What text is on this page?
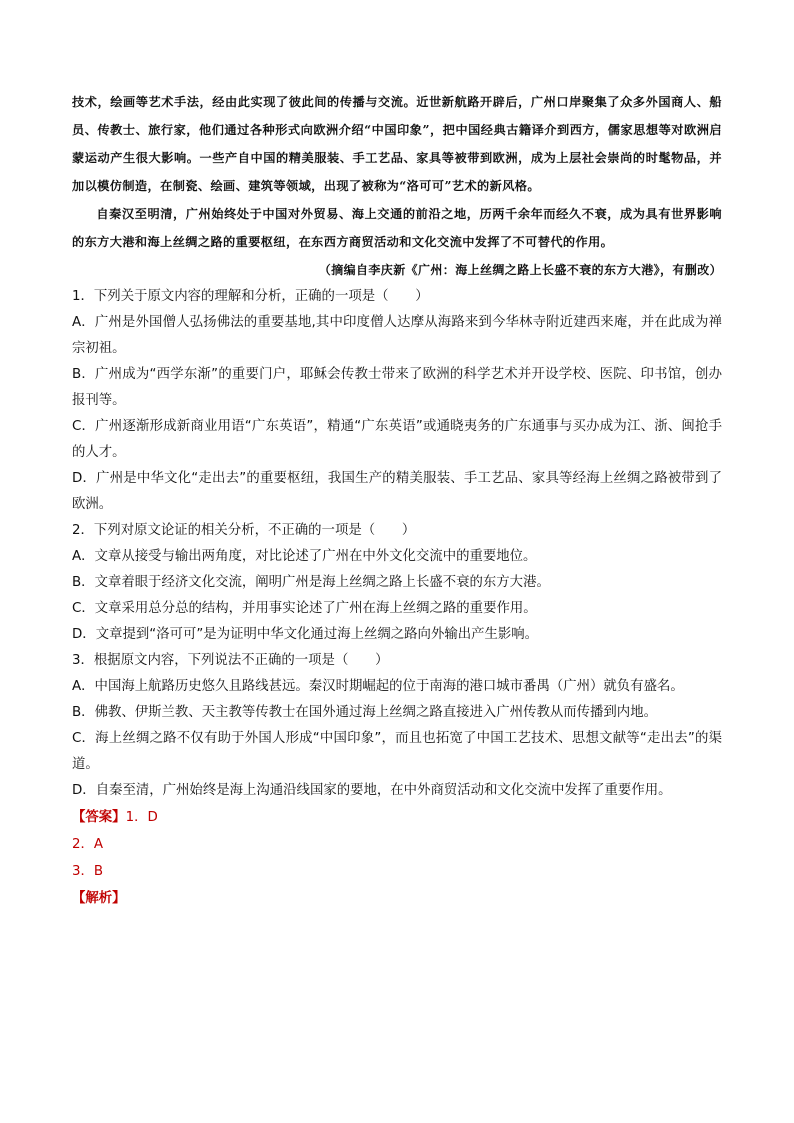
技术，绘画等艺术手法，经由此实现了彼此间的传播与交流。近世新航路开辟后，广州口岸聚集了众多外国商人、船员、传教士、旅行家，他们通过各种形式向欧洲介绍“中国印象”，把中国经典古籍译介到西方，儒家思想等对欧洲启蒙运动产生很大影响。一些产自中国的精美服装、手工艺品、家具等被带到欧洲，成为上层社会崇尚的时髦物品，并加以模仿制造，在制瓷、绘画、建筑等领域，出现了被称为“洛可可”艺术的新风格。

自秦汉至明清，广州始终处于中国对外贸易、海上交通的前沿之地，历两千余年而经久不衰，成为具有世界影响的东方大港和海上丝绸之路的重要枢纽，在东西方商贸活动和文化交流中发挥了不可替代的作用。

（摘编自李庆新《广州：海上丝绸之路上长盛不衰的东方大港》，有删改）

1．下列关于原文内容的理解和分析，正确的一项是（　　）

A．广州是外国僧人弘扬佛法的重要基地,其中印度僧人达摩从海路来到今华林寺附近建西来庵，并在此成为禅宗初祖。

B．广州成为“西学东渐”的重要门户，耶稣会传教士带来了欧洲的科学艺术并开设学校、医院、印书馆，创办报刊等。

C．广州逐渐形成新商业用语“广东英语”，精通“广东英语”或通晓夷务的广东通事与买办成为江、浙、闽抢手的人才。

D．广州是中华文化“走出去”的重要枢纽，我国生产的精美服装、手工艺品、家具等经海上丝绸之路被带到了欧洲。

2．下列对原文论证的相关分析，不正确的一项是（　　）

A．文章从接受与输出两角度，对比论述了广州在中外文化交流中的重要地位。

B．文章着眼于经济文化交流，阐明广州是海上丝绸之路上长盛不衰的东方大港。

C．文章采用总分总的结构，并用事实论述了广州在海上丝绸之路的重要作用。

D．文章提到“洛可可”是为证明中华文化通过海上丝绸之路向外输出产生影响。

3．根据原文内容，下列说法不正确的一项是（　　）

A．中国海上航路历史悠久且路线甚远。秦汉时期崛起的位于南海的港口城市番禺（广州）就负有盛名。

B．佛教、伊斯兰教、天主教等传教士在国外通过海上丝绸之路直接进入广州传教从而传播到内地。

C．海上丝绸之路不仅有助于外国人形成“中国印象”，而且也拓宽了中国工艺技术、思想文献等“走出去”的渠道。

D．自秦至清，广州始终是海上沟通沿线国家的要地，在中外商贸活动和文化交流中发挥了重要作用。

【答案】1．D

2．A

3．B

【解析】
